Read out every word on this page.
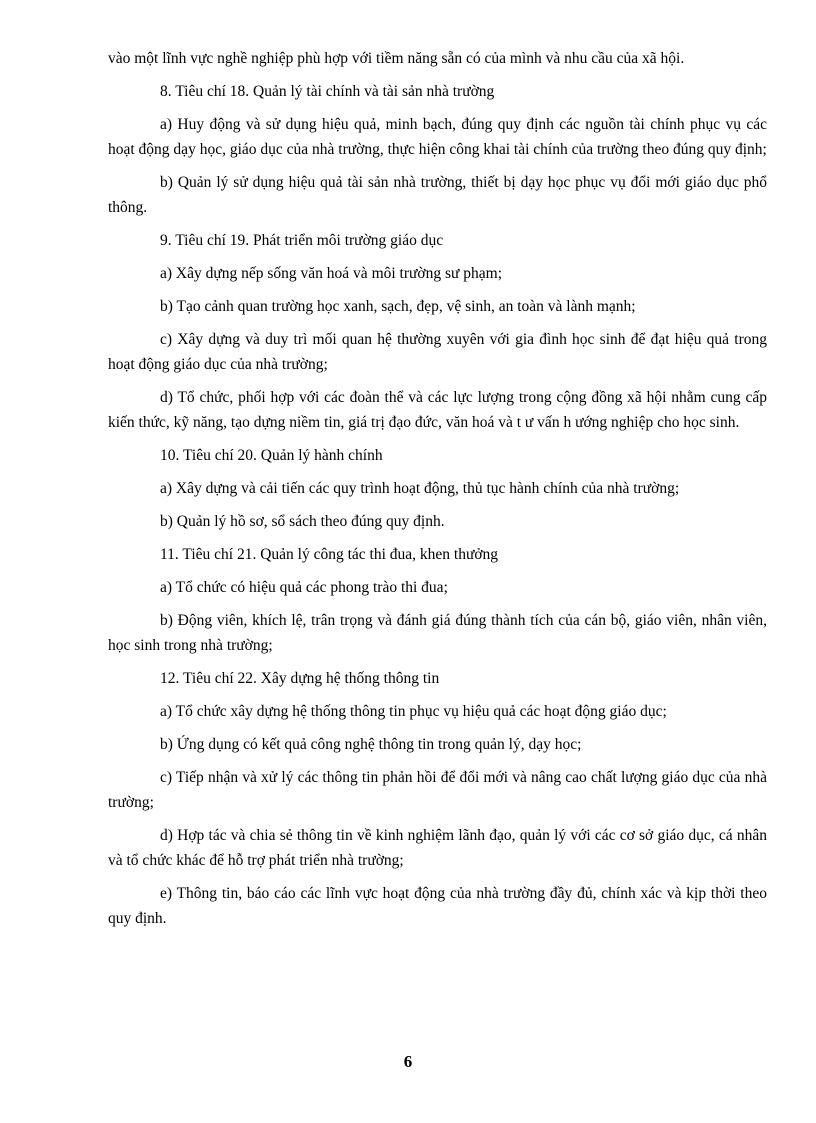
vào một lĩnh vực nghề nghiệp phù hợp với tiềm năng sẵn có của mình và nhu cầu của xã hội.

8. Tiêu chí 18. Quản lý tài chính và tài sản nhà trường

a) Huy động và sử dụng hiệu quả, minh bạch, đúng quy định các nguồn tài chính phục vụ các hoạt động dạy học, giáo dục của nhà trường, thực hiện công khai tài chính của trường theo đúng quy định;

b) Quản lý sử dụng hiệu quả tài sản nhà trường, thiết bị dạy học phục vụ đổi mới giáo dục phổ thông.

9. Tiêu chí 19. Phát triển môi trường giáo dục

a) Xây dựng nếp sống văn hoá và môi trường sư phạm;

b) Tạo cảnh quan trường học xanh, sạch, đẹp, vệ sinh, an toàn và lành mạnh;

c) Xây dựng và duy trì mối quan hệ thường xuyên với gia đình học sinh để đạt hiệu quả trong hoạt động giáo dục của nhà trường;

d) Tổ chức, phối hợp với các đoàn thể và các lực lượng trong cộng đồng xã hội nhằm cung cấp kiến thức, kỹ năng, tạo dựng niềm tin, giá trị đạo đức, văn hoá và t ư vấn h ướng nghiệp cho học sinh.

10. Tiêu chí 20. Quản lý hành chính

a) Xây dựng và cải tiến các quy trình hoạt động, thủ tục hành chính của nhà trường;

b) Quản lý hồ sơ, sổ sách theo đúng quy định.

11. Tiêu chí 21. Quản lý công tác thi đua, khen thưởng

a) Tổ chức có hiệu quả các phong trào thi đua;

b) Động viên, khích lệ, trân trọng và đánh giá đúng thành tích của cán bộ, giáo viên, nhân viên, học sinh trong nhà trường;

12. Tiêu chí 22. Xây dựng hệ thống thông tin

a) Tổ chức xây dựng hệ thống thông tin phục vụ hiệu quả các hoạt động giáo dục;

b) Ứng dụng có kết quả công nghệ thông tin trong quản lý, dạy học;

c) Tiếp nhận và xử lý các thông tin phản hồi để đổi mới và nâng cao chất lượng giáo dục của nhà trường;

d) Hợp tác và chia sẻ thông tin về kinh nghiệm lãnh đạo, quản lý với các cơ sở giáo dục, cá nhân và tổ chức khác để hỗ trợ phát triển nhà trường;

e) Thông tin, báo cáo các lĩnh vực hoạt động của nhà trường đầy đủ, chính xác và kịp thời theo quy định.

6
